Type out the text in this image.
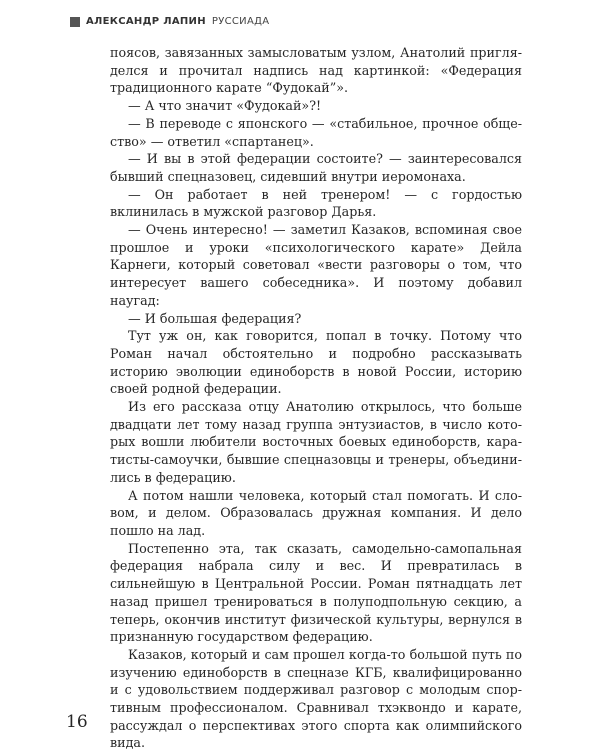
АЛЕКСАНДР ЛАПИН РУССИАДА

поясов, завязанных замысловатым узлом, Анатолий пригляделся и прочитал надпись над картинкой: «Федерация традиционного карате “Фудокай”».

— А что значит «Фудокай»?!

— В переводе с японского — «стабильное, прочное общество» — ответил «спартанец».

— И вы в этой федерации состоите? — заинтересовался бывший спецназовец, сидевший внутри иеромонаха.

— Он работает в ней тренером! — с гордостью вклинилась в мужской разговор Дарья.

— Очень интересно! — заметил Казаков, вспоминая свое прошлое и уроки «психологического карате» Дейла Карнеги, который советовал «вести разговоры о том, что интересует вашего собеседника». И поэтому добавил наугад:

— И большая федерация?

Тут уж он, как говорится, попал в точку. Потому что Роман начал обстоятельно и подробно рассказывать историю эволюции единоборств в новой России, историю своей родной федерации.

Из его рассказа отцу Анатолию открылось, что больше двадцати лет тому назад группа энтузиастов, в число которых вошли любители восточных боевых единоборств, каратисты-самоучки, бывшие спецназовцы и тренеры, объединились в федерацию.

А потом нашли человека, который стал помогать. И словом, и делом. Образовалась дружная компания. И дело пошло на лад.

Постепенно эта, так сказать, самодельно-самопальная федерация набрала силу и вес. И превратилась в сильнейшую в Центральной России. Роман пятнадцать лет назад пришел тренироваться в полуподпольную секцию, а теперь, окончив институт физической культуры, вернулся в признанную государством федерацию.

Казаков, который и сам прошел когда-то большой путь по изучению единоборств в спецназе КГБ, квалифицированно и с удовольствием поддерживал разговор с молодым спортивным профессионалом. Сравнивал тхэквондо и карате, рассуждал о перспективах этого спорта как олимпийского вида.

16
